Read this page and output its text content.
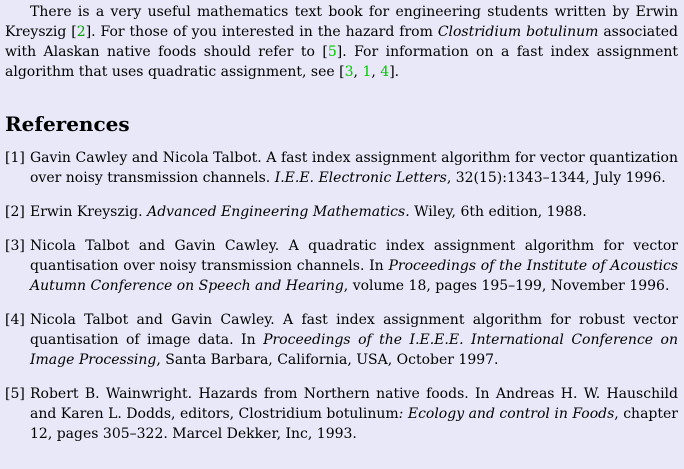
There is a very useful mathematics text book for engineering students written by Erwin Kreyszig [2]. For those of you interested in the hazard from Clostridium botulinum associated with Alaskan native foods should refer to [5]. For information on a fast index assignment algorithm that uses quadratic assignment, see [3, 1, 4].

References
[1] Gavin Cawley and Nicola Talbot. A fast index assignment algorithm for vector quantization over noisy transmission channels. I.E.E. Electronic Letters, 32(15):1343–1344, July 1996.
[2] Erwin Kreyszig. Advanced Engineering Mathematics. Wiley, 6th edition, 1988.
[3] Nicola Talbot and Gavin Cawley. A quadratic index assignment algorithm for vector quantisation over noisy transmission channels. In Proceedings of the Institute of Acoustics Autumn Conference on Speech and Hearing, volume 18, pages 195–199, November 1996.
[4] Nicola Talbot and Gavin Cawley. A fast index assignment algorithm for robust vector quantisation of image data. In Proceedings of the I.E.E.E. International Conference on Image Processing, Santa Barbara, California, USA, October 1997.
[5] Robert B. Wainwright. Hazards from Northern native foods. In Andreas H. W. Hauschild and Karen L. Dodds, editors, Clostridium botulinum: Ecology and control in Foods, chapter 12, pages 305–322. Marcel Dekker, Inc, 1993.
